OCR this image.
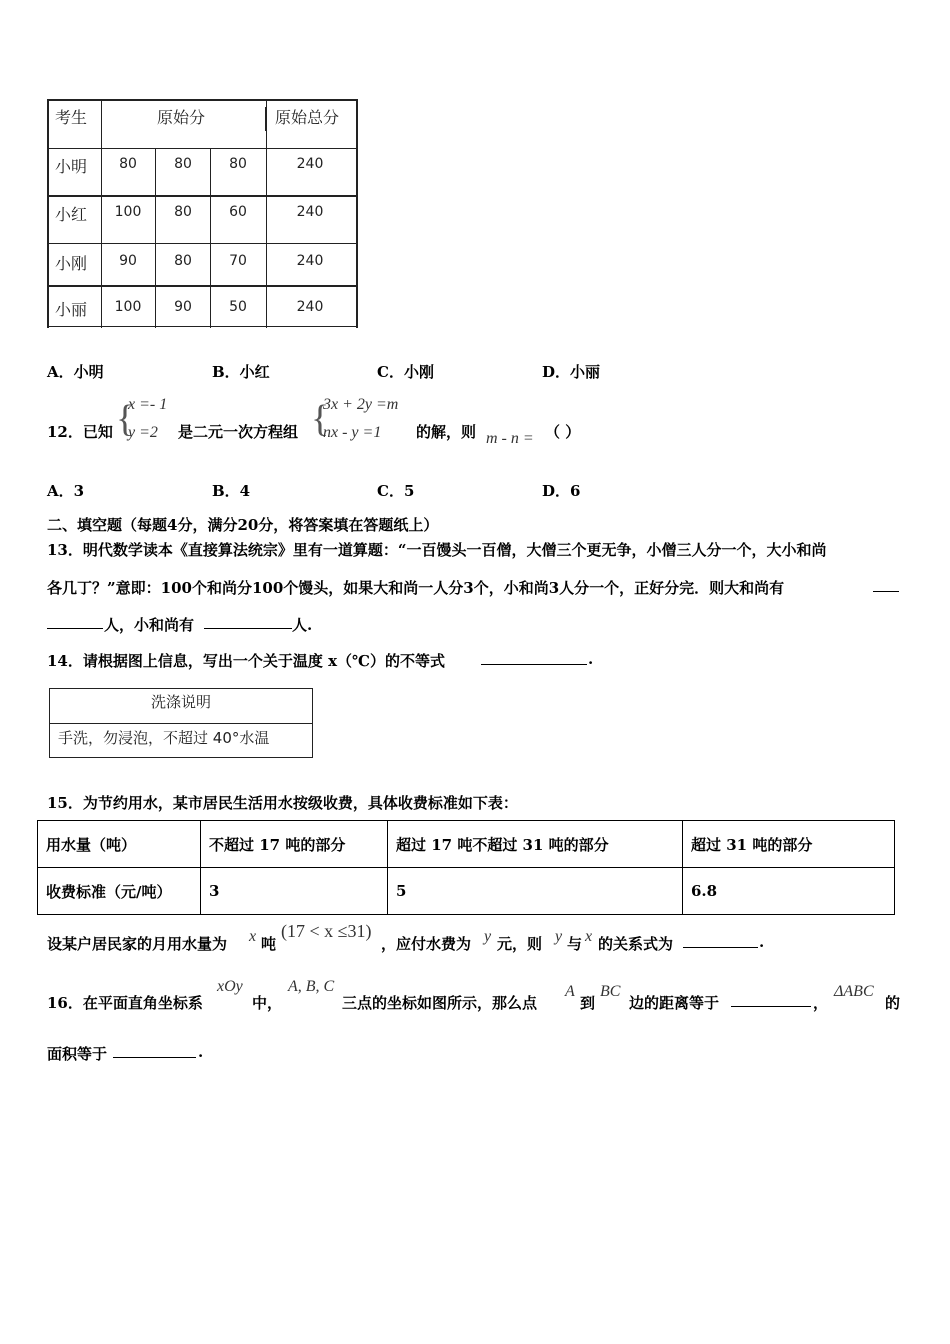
考生	原始分	原始总分
小明	80	80	80	240
小红	100	80	60	240
小刚	90	80	70	240
小丽	100	90	50	240
A．小明	B．小红	C．小刚	D．小丽
12．已知 {
x =- 1
y =2 是二元一次方程组 {
3x + 2y =m
nx - y =1 的解，则 m - n = （ ）
A．3	B．4	C．5	D．6
二、填空题（每题4分，满分20分，将答案填在答题纸上）
13．明代数学读本《直接算法统宗》里有一道算题：“一百馒头一百僧，大僧三个更无争，小僧三人分一个，大小和尚
各几丁？”意即：100个和尚分100个馒头，如果大和尚一人分3个，小和尚3人分一个，正好分完．则大和尚有
人，小和尚有	人.
14．请根据图上信息，写出一个关于温度 x（℃）的不等式	.
洗涤说明
手洗，勿浸泡，不超过 40°水温
15．为节约用水，某市居民生活用水按级收费，具体收费标准如下表：
用水量（吨）	不超过 17 吨的部分	超过 17 吨不超过 31 吨的部分	超过 31 吨的部分
收费标准（元/吨）	3	5	6.8
设某户居民家的月用水量为 x 吨
(17 < x ≤31)
，应付水费为 y 元，则 y 与 x 的关系式为	.
16．在平面直角坐标系
xOy
中，
A, B, C
三点的坐标如图所示，那么点
A
到
BC
边的距离等于	，
ΔABC
的
面积等于	.
